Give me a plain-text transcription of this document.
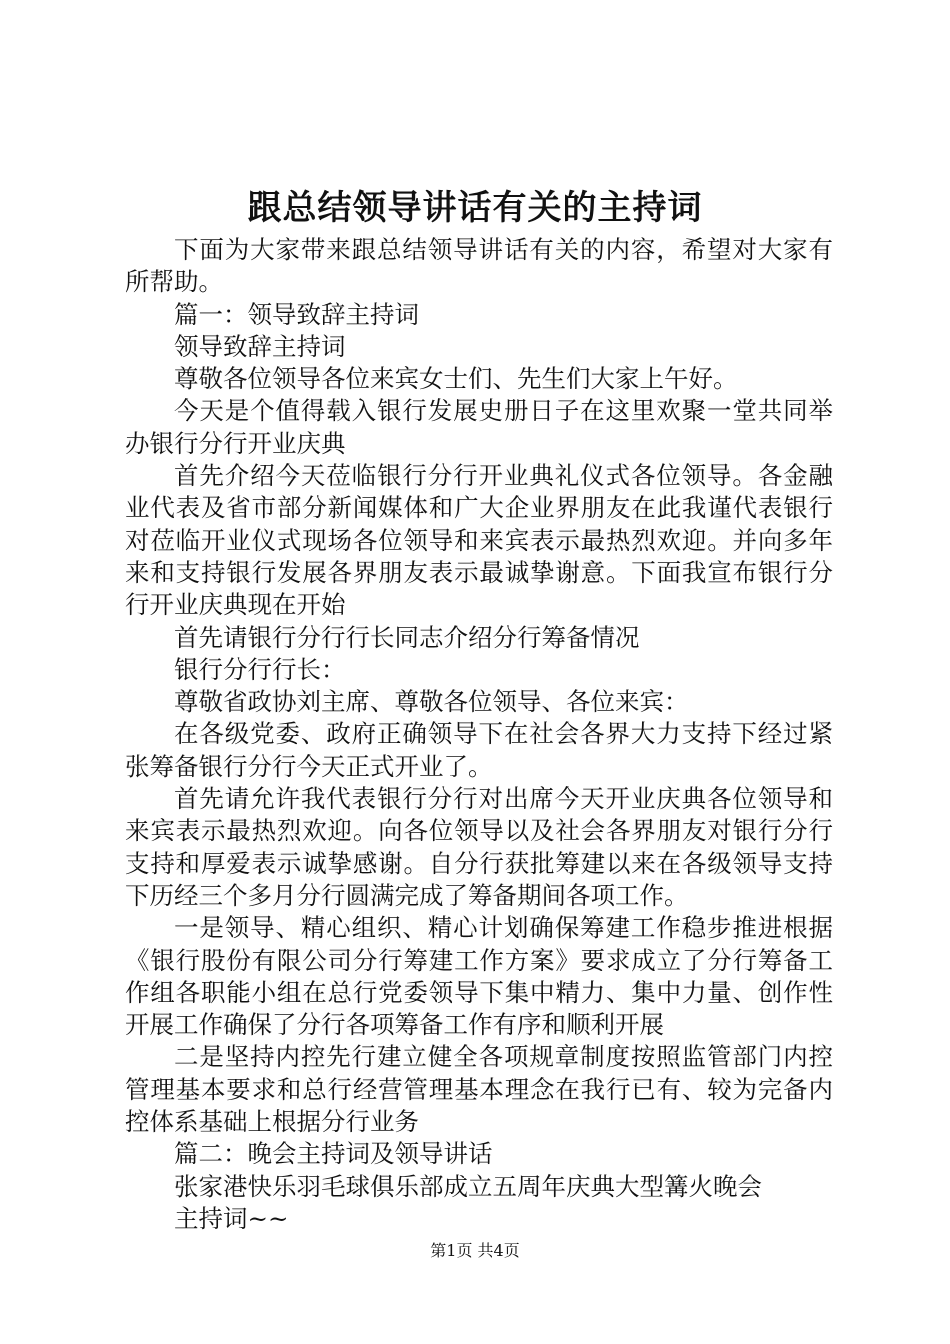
跟总结领导讲话有关的主持词

下面为大家带来跟总结领导讲话有关的内容，希望对大家有所帮助。

篇一：领导致辞主持词

领导致辞主持词

尊敬各位领导各位来宾女士们、先生们大家上午好。

今天是个值得载入银行发展史册日子在这里欢聚一堂共同举办银行分行开业庆典

首先介绍今天莅临银行分行开业典礼仪式各位领导。各金融业代表及省市部分新闻媒体和广大企业界朋友在此我谨代表银行对莅临开业仪式现场各位领导和来宾表示最热烈欢迎。并向多年来和支持银行发展各界朋友表示最诚挚谢意。下面我宣布银行分行开业庆典现在开始

首先请银行分行行长同志介绍分行筹备情况

银行分行行长：

尊敬省政协刘主席、尊敬各位领导、各位来宾：

在各级党委、政府正确领导下在社会各界大力支持下经过紧张筹备银行分行今天正式开业了。

首先请允许我代表银行分行对出席今天开业庆典各位领导和来宾表示最热烈欢迎。向各位领导以及社会各界朋友对银行分行支持和厚爱表示诚挚感谢。自分行获批筹建以来在各级领导支持下历经三个多月分行圆满完成了筹备期间各项工作。

一是领导、精心组织、精心计划确保筹建工作稳步推进根据《银行股份有限公司分行筹建工作方案》要求成立了分行筹备工作组各职能小组在总行党委领导下集中精力、集中力量、创作性开展工作确保了分行各项筹备工作有序和顺利开展

二是坚持内控先行建立健全各项规章制度按照监管部门内控管理基本要求和总行经营管理基本理念在我行已有、较为完备内控体系基础上根据分行业务

篇二：晚会主持词及领导讲话

张家港快乐羽毛球俱乐部成立五周年庆典大型篝火晚会

主持词~~

第1页 共4页
